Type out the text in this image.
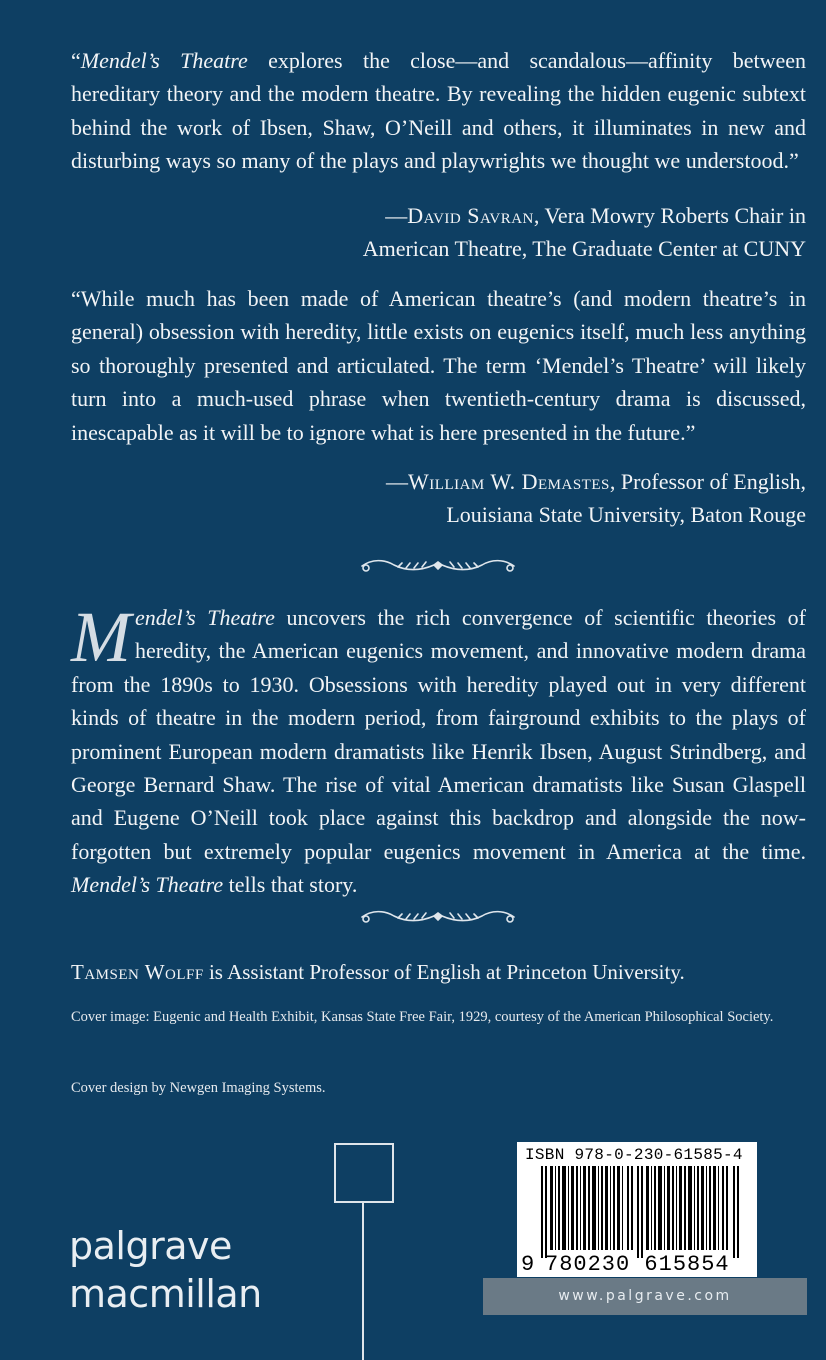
“Mendel’s Theatre explores the close—and scandalous—affinity between hereditary theory and the modern theatre. By revealing the hidden eugenic subtext behind the work of Ibsen, Shaw, O’Neill and others, it illuminates in new and disturbing ways so many of the plays and playwrights we thought we understood.”

—David Savran, Vera Mowry Roberts Chair in
American Theatre, The Graduate Center at CUNY

“While much has been made of American theatre’s (and modern theatre’s in general) obsession with heredity, little exists on eugenics itself, much less anything so thoroughly presented and articulated. The term ‘Mendel’s Theatre’ will likely turn into a much-used phrase when twentieth-century drama is discussed, inescapable as it will be to ignore what is here presented in the future.”

—William W. Demastes, Professor of English,
Louisiana State University, Baton Rouge

Mendel’s Theatre uncovers the rich convergence of scientific theories of heredity, the American eugenics movement, and innovative modern drama from the 1890s to 1930. Obsessions with heredity played out in very different kinds of theatre in the modern period, from fairground exhibits to the plays of prominent European modern dramatists like Henrik Ibsen, August Strindberg, and George Bernard Shaw. The rise of vital American dramatists like Susan Glaspell and Eugene O’Neill took place against this backdrop and alongside the now-forgotten but extremely popular eugenics movement in America at the time. Mendel’s Theatre tells that story.

Tamsen Wolff is Assistant Professor of English at Princeton University.

Cover image: Eugenic and Health Exhibit, Kansas State Free Fair, 1929, courtesy of the American Philosophical Society.

Cover design by Newgen Imaging Systems.

palgrave
macmillan
ISBN 978-0-230-61585-4
9 780230 615854
www.palgrave.com
